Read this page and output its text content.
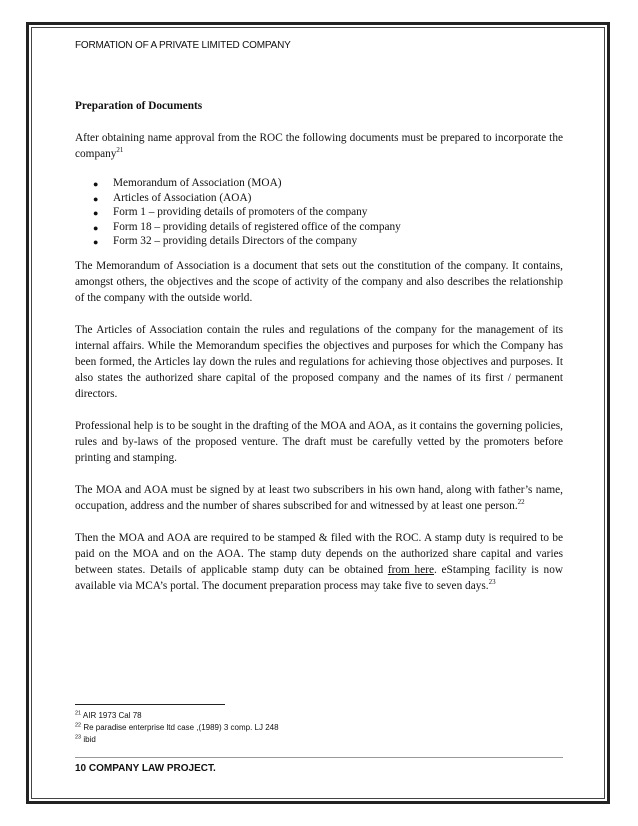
FORMATION OF A PRIVATE LIMITED COMPANY

Preparation of Documents

After obtaining name approval from the ROC the following documents must be prepared to incorporate the company$^{21}$

● Memorandum of Association (MOA)
● Articles of Association (AOA)
● Form 1 – providing details of promoters of the company
● Form 18 – providing details of registered office of the company
● Form 32 – providing details Directors of the company

The Memorandum of Association is a document that sets out the constitution of the company. It contains, amongst others, the objectives and the scope of activity of the company and also describes the relationship of the company with the outside world.

The Articles of Association contain the rules and regulations of the company for the management of its internal affairs. While the Memorandum specifies the objectives and purposes for which the Company has been formed, the Articles lay down the rules and regulations for achieving those objectives and purposes. It also states the authorized share capital of the proposed company and the names of its first / permanent directors.

Professional help is to be sought in the drafting of the MOA and AOA, as it contains the governing policies, rules and by-laws of the proposed venture. The draft must be carefully vetted by the promoters before printing and stamping.

The MOA and AOA must be signed by at least two subscribers in his own hand, along with father’s name, occupation, address and the number of shares subscribed for and witnessed by at least one person.$^{22}$

Then the MOA and AOA are required to be stamped & filed with the ROC. A stamp duty is required to be paid on the MOA and on the AOA. The stamp duty depends on the authorized share capital and varies between states. Details of applicable stamp duty can be obtained from here. eStamping facility is now available via MCA’s portal. The document preparation process may take five to seven days.$^{23}$

$^{21}$ AIR 1973 Cal 78
$^{22}$ Re paradise enterprise ltd case ,(1989) 3 comp. LJ 248
$^{23}$ ibid
10 COMPANY LAW PROJECT.
